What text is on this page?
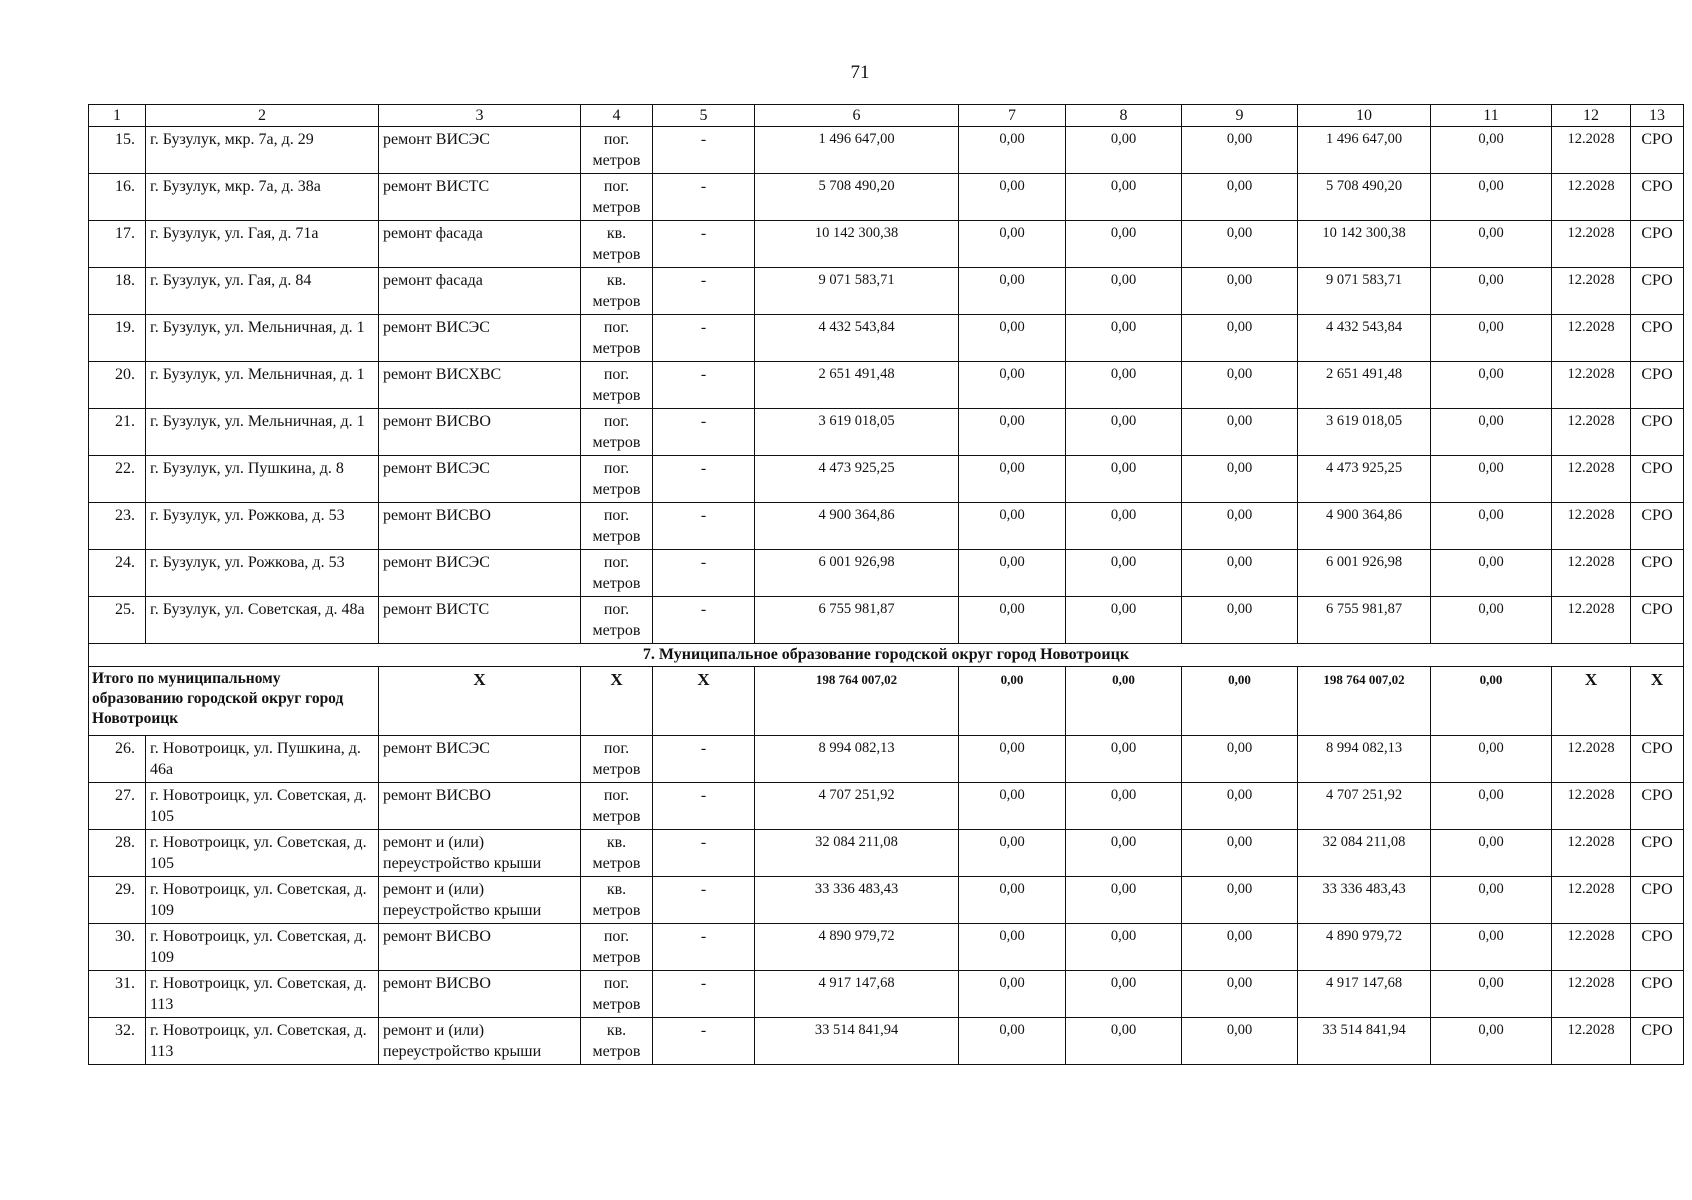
71
1	2	3	4	5	6	7	8	9	10	11	12	13
15.	г. Бузулук, мкр. 7а, д. 29	ремонт ВИСЭС	пог. метров	-	1 496 647,00	0,00	0,00	0,00	1 496 647,00	0,00	12.2028	СРО
16.	г. Бузулук, мкр. 7а, д. 38а	ремонт ВИСТС	пог. метров	-	5 708 490,20	0,00	0,00	0,00	5 708 490,20	0,00	12.2028	СРО
17.	г. Бузулук, ул. Гая, д. 71а	ремонт фасада	кв. метров	-	10 142 300,38	0,00	0,00	0,00	10 142 300,38	0,00	12.2028	СРО
18.	г. Бузулук, ул. Гая, д. 84	ремонт фасада	кв. метров	-	9 071 583,71	0,00	0,00	0,00	9 071 583,71	0,00	12.2028	СРО
19.	г. Бузулук, ул. Мельничная, д. 1	ремонт ВИСЭС	пог. метров	-	4 432 543,84	0,00	0,00	0,00	4 432 543,84	0,00	12.2028	СРО
20.	г. Бузулук, ул. Мельничная, д. 1	ремонт ВИСХВС	пог. метров	-	2 651 491,48	0,00	0,00	0,00	2 651 491,48	0,00	12.2028	СРО
21.	г. Бузулук, ул. Мельничная, д. 1	ремонт ВИСВО	пог. метров	-	3 619 018,05	0,00	0,00	0,00	3 619 018,05	0,00	12.2028	СРО
22.	г. Бузулук, ул. Пушкина, д. 8	ремонт ВИСЭС	пог. метров	-	4 473 925,25	0,00	0,00	0,00	4 473 925,25	0,00	12.2028	СРО
23.	г. Бузулук, ул. Рожкова, д. 53	ремонт ВИСВО	пог. метров	-	4 900 364,86	0,00	0,00	0,00	4 900 364,86	0,00	12.2028	СРО
24.	г. Бузулук, ул. Рожкова, д. 53	ремонт ВИСЭС	пог. метров	-	6 001 926,98	0,00	0,00	0,00	6 001 926,98	0,00	12.2028	СРО
25.	г. Бузулук, ул. Советская, д. 48а	ремонт ВИСТС	пог. метров	-	6 755 981,87	0,00	0,00	0,00	6 755 981,87	0,00	12.2028	СРО
7. Муниципальное образование городской округ город Новотроицк												
Итого по муниципальному образованию городской округ город Новотроицк		X	X	X	198 764 007,02	0,00	0,00	0,00	198 764 007,02	0,00	X	X
26.	г. Новотроицк, ул. Пушкина, д. 46а	ремонт ВИСЭС	пог. метров	-	8 994 082,13	0,00	0,00	0,00	8 994 082,13	0,00	12.2028	СРО
27.	г. Новотроицк, ул. Советская, д. 105	ремонт ВИСВО	пог. метров	-	4 707 251,92	0,00	0,00	0,00	4 707 251,92	0,00	12.2028	СРО
28.	г. Новотроицк, ул. Советская, д. 105	ремонт и (или) переустройство крыши	кв. метров	-	32 084 211,08	0,00	0,00	0,00	32 084 211,08	0,00	12.2028	СРО
29.	г. Новотроицк, ул. Советская, д. 109	ремонт и (или) переустройство крыши	кв. метров	-	33 336 483,43	0,00	0,00	0,00	33 336 483,43	0,00	12.2028	СРО
30.	г. Новотроицк, ул. Советская, д. 109	ремонт ВИСВО	пог. метров	-	4 890 979,72	0,00	0,00	0,00	4 890 979,72	0,00	12.2028	СРО
31.	г. Новотроицк, ул. Советская, д. 113	ремонт ВИСВО	пог. метров	-	4 917 147,68	0,00	0,00	0,00	4 917 147,68	0,00	12.2028	СРО
32.	г. Новотроицк, ул. Советская, д. 113	ремонт и (или) переустройство крыши	кв. метров	-	33 514 841,94	0,00	0,00	0,00	33 514 841,94	0,00	12.2028	СРО
